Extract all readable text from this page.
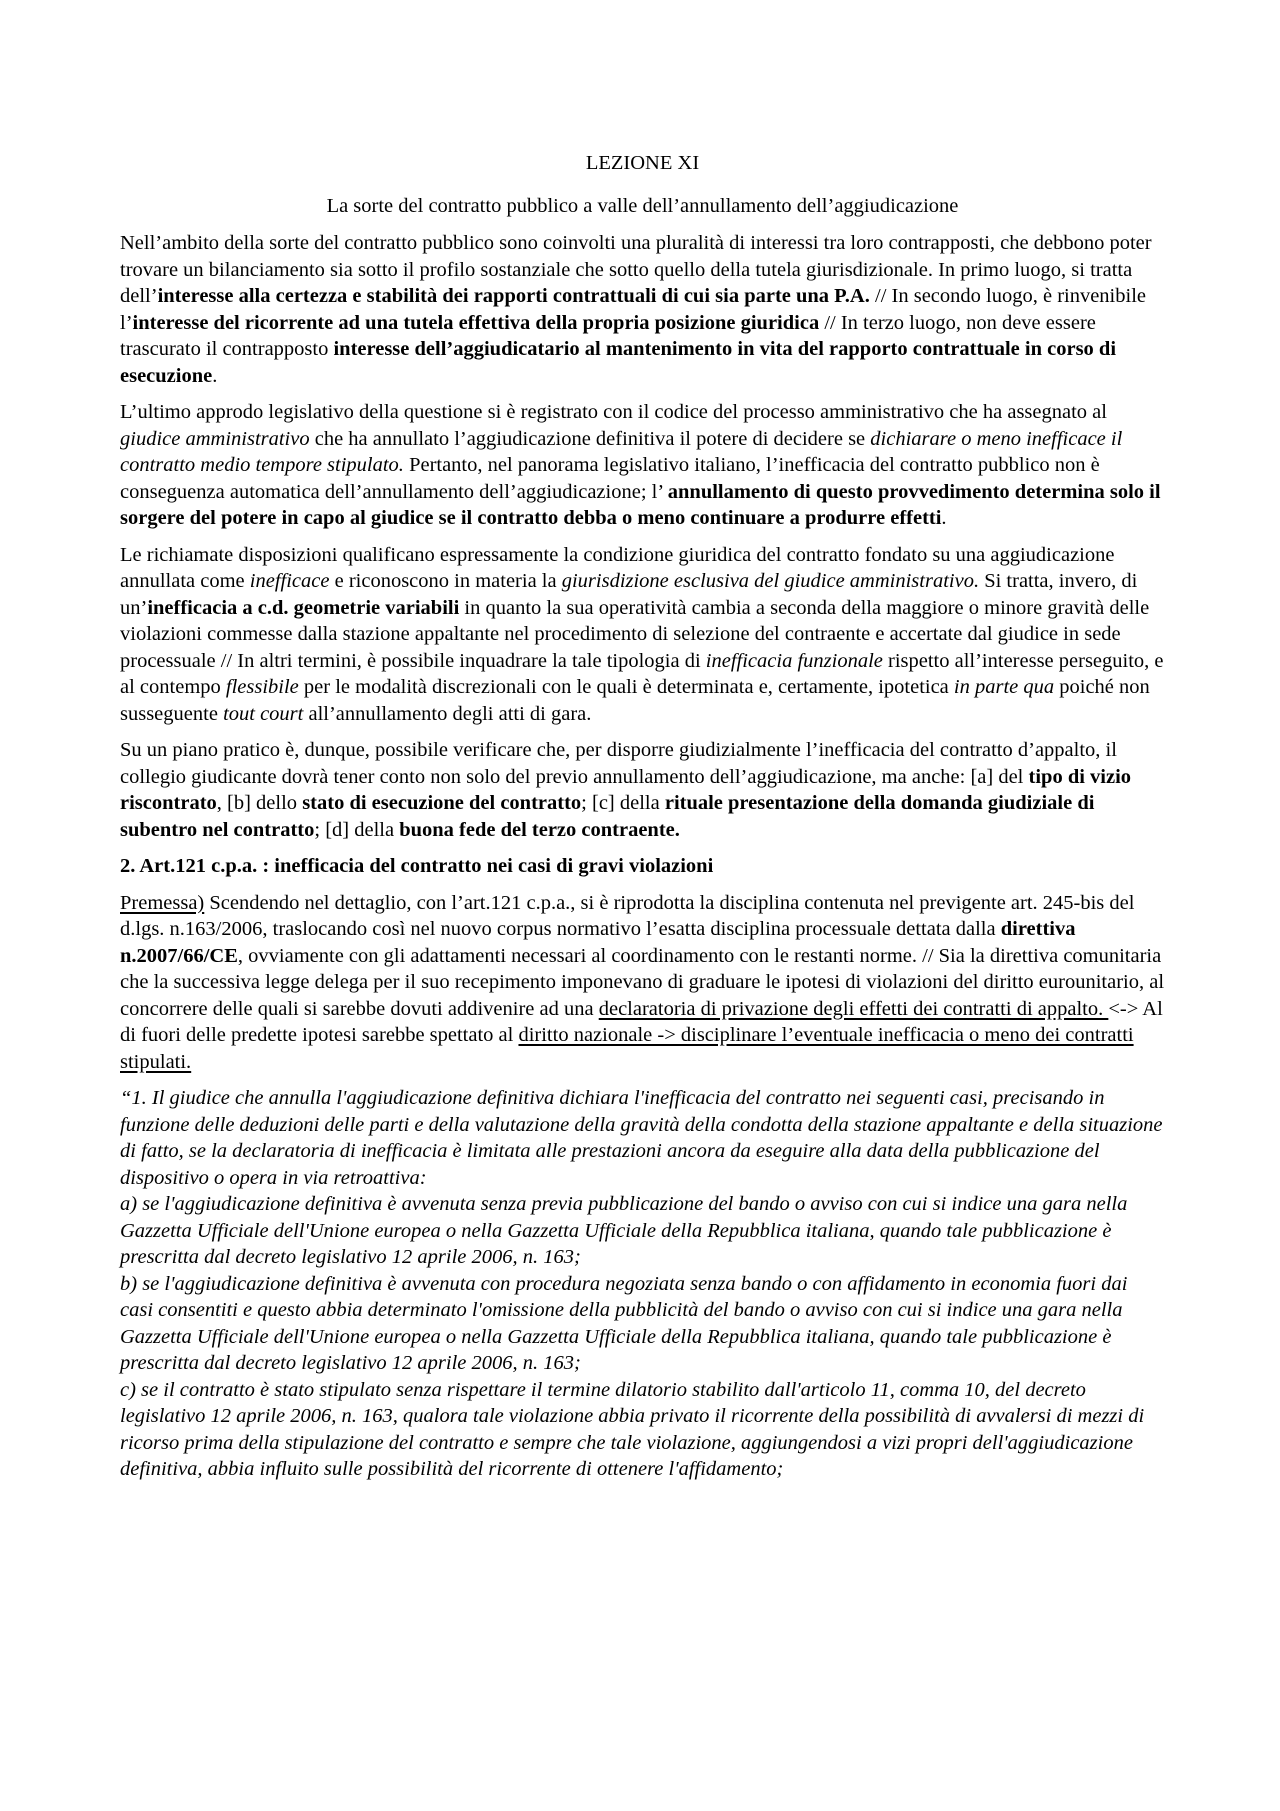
LEZIONE XI
La sorte del contratto pubblico a valle dell’annullamento dell’aggiudicazione

Nell’ambito della sorte del contratto pubblico sono coinvolti una pluralità di interessi tra loro contrapposti, che debbono poter trovare un bilanciamento sia sotto il profilo sostanziale che sotto quello della tutela giurisdizionale. In primo luogo, si tratta dell’interesse alla certezza e stabilità dei rapporti contrattuali di cui sia parte una P.A. // In secondo luogo, è rinvenibile l’interesse del ricorrente ad una tutela effettiva della propria posizione giuridica // In terzo luogo, non deve essere trascurato il contrapposto interesse dell’aggiudicatario al mantenimento in vita del rapporto contrattuale in corso di esecuzione.

L’ultimo approdo legislativo della questione si è registrato con il codice del processo amministrativo che ha assegnato al giudice amministrativo che ha annullato l’aggiudicazione definitiva il potere di decidere se dichiarare o meno inefficace il contratto medio tempore stipulato. Pertanto, nel panorama legislativo italiano, l’inefficacia del contratto pubblico non è conseguenza automatica dell’annullamento dell’aggiudicazione; l’ annullamento di questo provvedimento determina solo il sorgere del potere in capo al giudice se il contratto debba o meno continuare a produrre effetti.

Le richiamate disposizioni qualificano espressamente la condizione giuridica del contratto fondato su una aggiudicazione annullata come inefficace e riconoscono in materia la giurisdizione esclusiva del giudice amministrativo. Si tratta, invero, di un’inefficacia a c.d. geometrie variabili in quanto la sua operatività cambia a seconda della maggiore o minore gravità delle violazioni commesse dalla stazione appaltante nel procedimento di selezione del contraente e accertate dal giudice in sede processuale // In altri termini, è possibile inquadrare la tale tipologia di inefficacia funzionale rispetto all’interesse perseguito, e al contempo flessibile per le modalità discrezionali con le quali è determinata e, certamente, ipotetica in parte qua poiché non susseguente tout court all’annullamento degli atti di gara.

Su un piano pratico è, dunque, possibile verificare che, per disporre giudizialmente l’inefficacia del contratto d’appalto, il collegio giudicante dovrà tener conto non solo del previo annullamento dell’aggiudicazione, ma anche: [a] del tipo di vizio riscontrato, [b] dello stato di esecuzione del contratto; [c] della rituale presentazione della domanda giudiziale di subentro nel contratto; [d] della buona fede del terzo contraente.

2. Art.121 c.p.a. : inefficacia del contratto nei casi di gravi violazioni

Premessa) Scendendo nel dettaglio, con l’art.121 c.p.a., si è riprodotta la disciplina contenuta nel previgente art. 245-bis del d.lgs. n.163/2006, traslocando così nel nuovo corpus normativo l’esatta disciplina processuale dettata dalla direttiva n.2007/66/CE, ovviamente con gli adattamenti necessari al coordinamento con le restanti norme. // Sia la direttiva comunitaria che la successiva legge delega per il suo recepimento imponevano di graduare le ipotesi di violazioni del diritto eurounitario, al concorrere delle quali si sarebbe dovuti addivenire ad una declaratoria di privazione degli effetti dei contratti di appalto. <-> Al di fuori delle predette ipotesi sarebbe spettato al diritto nazionale -> disciplinare l’eventuale inefficacia o meno dei contratti stipulati.

“1. Il giudice che annulla l'aggiudicazione definitiva dichiara l'inefficacia del contratto nei seguenti casi, precisando in funzione delle deduzioni delle parti e della valutazione della gravità della condotta della stazione appaltante e della situazione di fatto, se la declaratoria di inefficacia è limitata alle prestazioni ancora da eseguire alla data della pubblicazione del dispositivo o opera in via retroattiva:
a) se l'aggiudicazione definitiva è avvenuta senza previa pubblicazione del bando o avviso con cui si indice una gara nella Gazzetta Ufficiale dell'Unione europea o nella Gazzetta Ufficiale della Repubblica italiana, quando tale pubblicazione è prescritta dal decreto legislativo 12 aprile 2006, n. 163;
b) se l'aggiudicazione definitiva è avvenuta con procedura negoziata senza bando o con affidamento in economia fuori dai casi consentiti e questo abbia determinato l'omissione della pubblicità del bando o avviso con cui si indice una gara nella Gazzetta Ufficiale dell'Unione europea o nella Gazzetta Ufficiale della Repubblica italiana, quando tale pubblicazione è prescritta dal decreto legislativo 12 aprile 2006, n. 163;
c) se il contratto è stato stipulato senza rispettare il termine dilatorio stabilito dall'articolo 11, comma 10, del decreto legislativo 12 aprile 2006, n. 163, qualora tale violazione abbia privato il ricorrente della possibilità di avvalersi di mezzi di ricorso prima della stipulazione del contratto e sempre che tale violazione, aggiungendosi a vizi propri dell'aggiudicazione definitiva, abbia influito sulle possibilità del ricorrente di ottenere l'affidamento;
